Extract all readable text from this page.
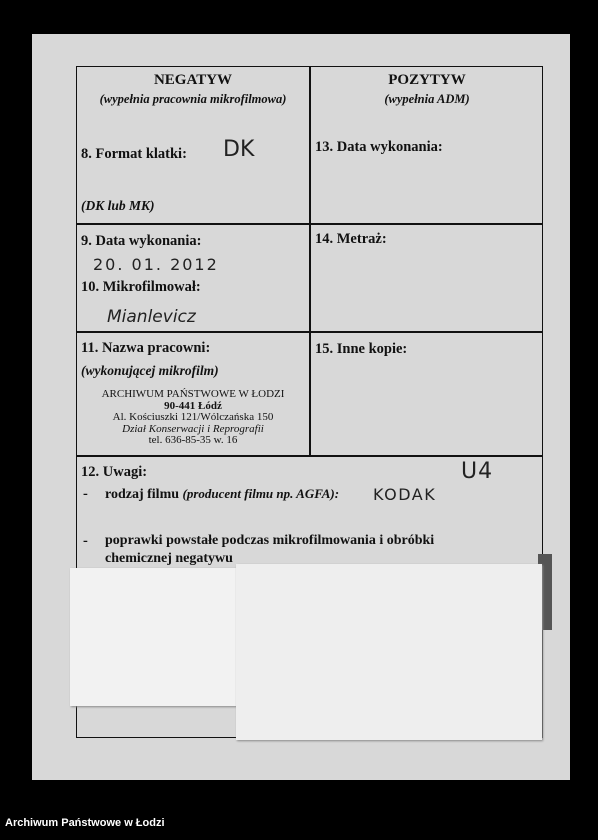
NEGATYW
(wypełnia pracownia mikrofilmowa)
POZYTYW
(wypełnia ADM)
8. Format klatki: DK
(DK lub MK)
13. Data wykonania:
9. Data wykonania:
20. 01. 2012
10. Mikrofilmował:
Mianlevicz
14. Metraż:
11. Nazwa pracowni:
(wykonującej mikrofilm)
ARCHIWUM PAŃSTWOWE W ŁODZI
90-441 Łódź
Al. Kościuszki 121/Wólczańska 150
Dział Konserwacji i Reprografii
tel. 636-85-35 w. 16
15. Inne kopie:
12. Uwagi:	U4
- rodzaj filmu (producent filmu np. AGFA): KODAK
- poprawki powstałe podczas mikrofilmowania i obróbki
chemicznej negatywu
Archiwum Państwowe w Łodzi
